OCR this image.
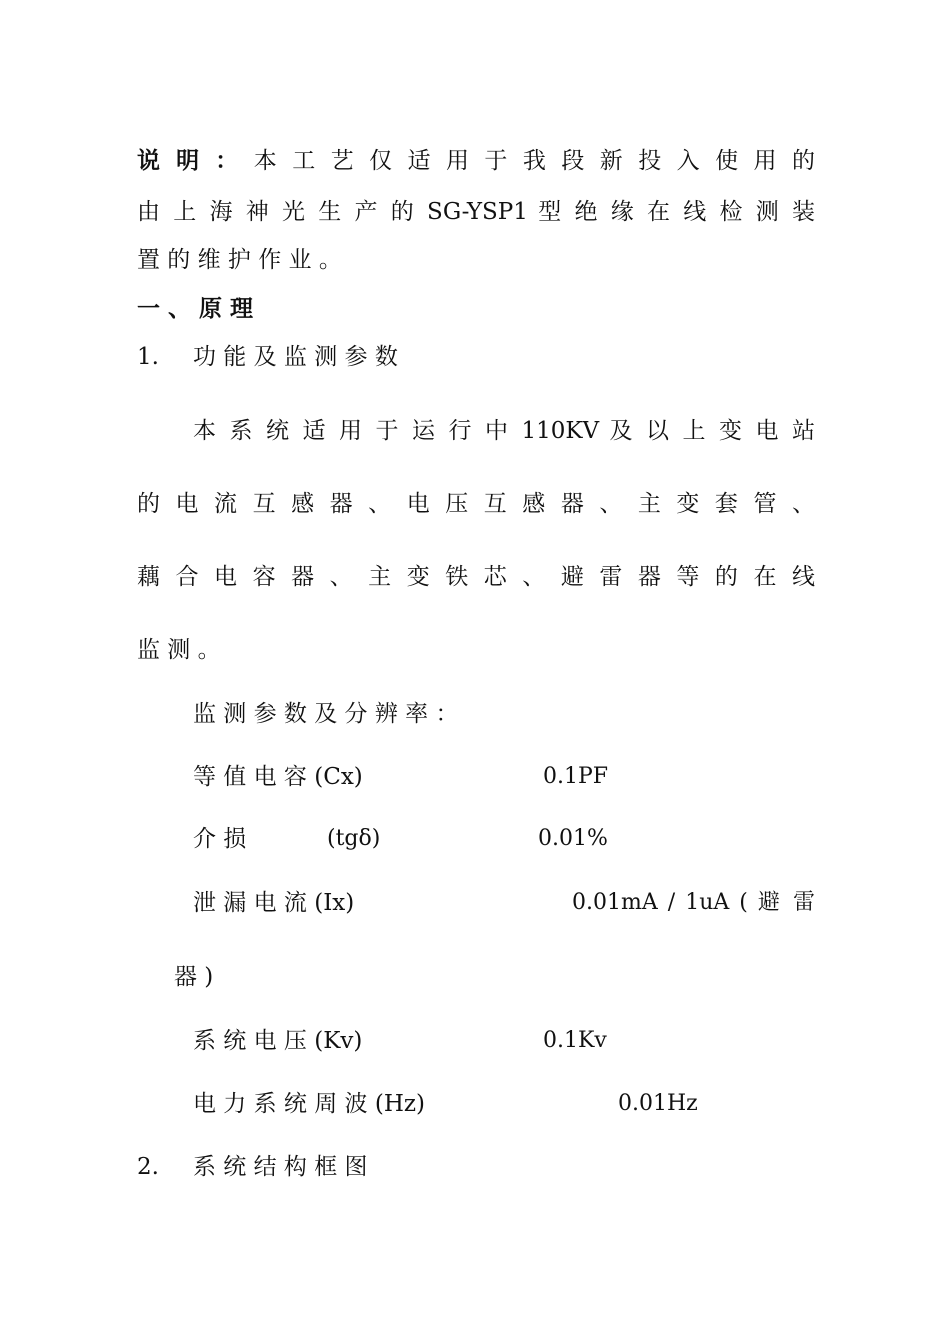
说 明 ： 本 工 艺 仅 适 用 于 我 段 新 投 入 使 用 的
由 上 海 神 光 生 产 的 SG-YSP1 型 绝 缘 在 线 检 测 装
置 的 维 护 作 业 。
一 、 原 理
1. 功 能 及 监 测 参 数
本 系 统 适 用 于 运 行 中 110KV 及 以 上 变 电 站
的 电 流 互 感 器 、 电 压 互 感 器 、 主 变 套 管 、
藕 合 电 容 器 、 主 变 铁 芯 、 避 雷 器 等 的 在 线
监 测 。
监 测 参 数 及 分 辨 率 ：
等 值 电 容 (Cx)	0.1PF
介 损	(tgδ)	0.01%
泄 漏 电 流 (Ix)	0.01mA / 1uA ( 避 雷
器 )
系 统 电 压 (Kv)	0.1Kv
电 力 系 统 周 波 (Hz)	0.01Hz
2. 系 统 结 构 框 图
